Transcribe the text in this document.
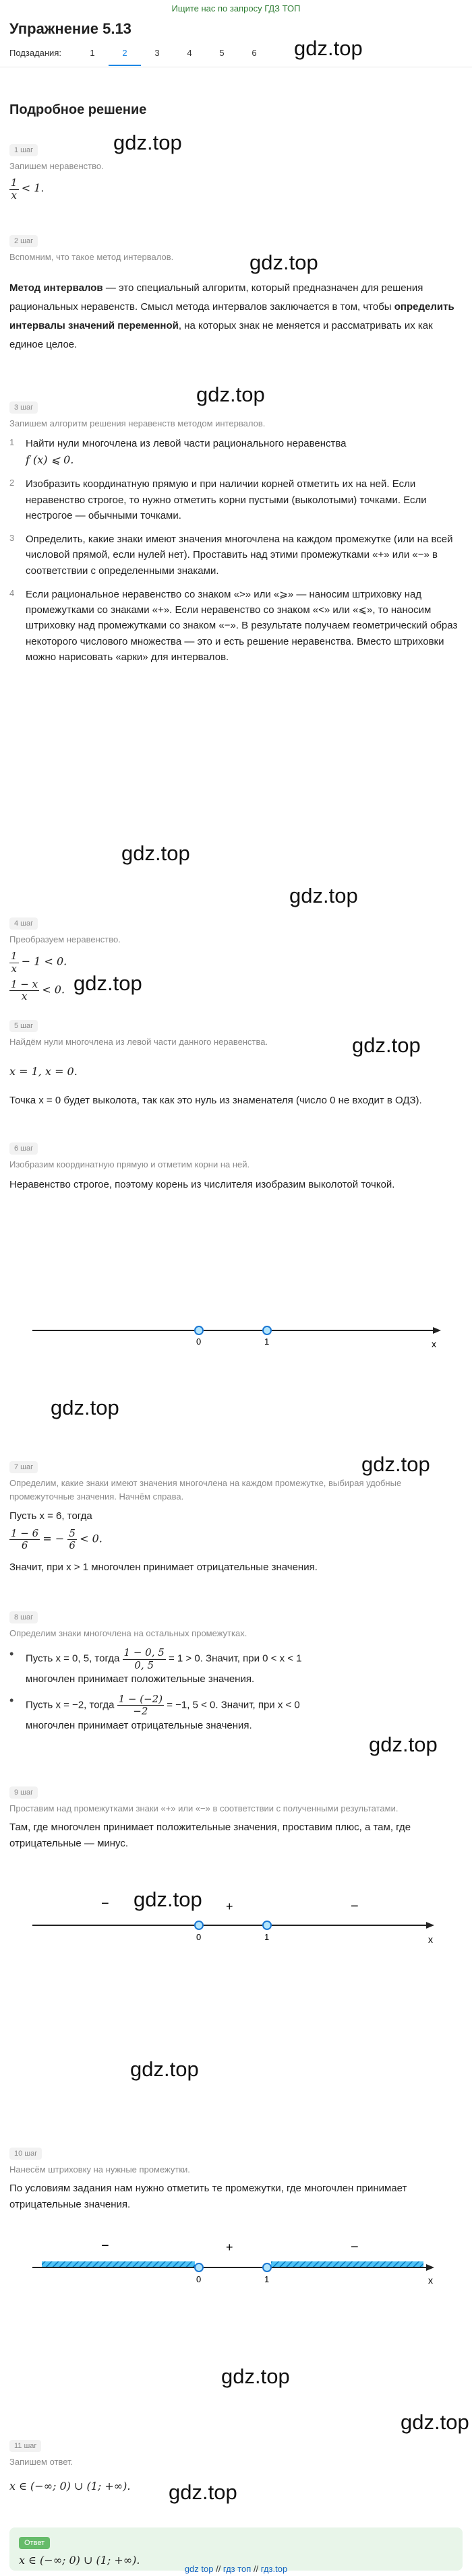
Ищите нас по запросу ГДЗ ТОП
Упражнение 5.13
Подзадания:	1	2	3	4	5	6	gdz.top
gdz.top
gdz.top
gdz.top
gdz.top
gdz.top
gdz.top
gdz.top
gdz.top
gdz.top
gdz.top
gdz.top
gdz.top
gdz.top
gdz.top
gdz.top
Подробное решение
1 шаг
Запишем неравенство.
$\frac{1}{x} < 1$.
2 шаг
Вспомним, что такое метод интервалов.
Метод интервалов — это специальный алгоритм, который предназначен для решения рациональных неравенств. Смысл метода интервалов заключается в том, чтобы определить интервалы значений переменной, на которых знак не меняется и рассматривать их как единое целое.
3 шаг
Запишем алгоритм решения неравенств методом интервалов.
1	Найти нули многочлена из левой части рационального неравенства
f (x) ⩽ 0.
2	Изобразить координатную прямую и при наличии корней отметить их на ней. Если неравенство строгое, то нужно отметить корни пустыми (выколотыми) точками. Если нестрогое — обычными точками.
3	Определить, какие знаки имеют значения многочлена на каждом промежутке (или на всей числовой прямой, если нулей нет). Проставить над этими промежутками «+» или «−» в соответствии с определенными знаками.
4	Если рациональное неравенство со знаком «>» или «⩾» — наносим штриховку над промежутками со знаками «+». Если неравенство со знаком «<» или «⩽», то наносим штриховку над промежутками со знаком «−». В результате получаем геометрический образ некоторого числового множества — это и есть решение неравенства. Вместо штриховки можно нарисовать «арки» для интервалов.
4 шаг
Преобразуем неравенство.
$\frac{1}{x} - 1 < 0$.
$\frac{1 - x}{x} < 0$.
5 шаг
Найдём нули многочлена из левой части данного неравенства.
x = 1, x = 0.
Точка x = 0 будет выколота, так как это нуль из знаменателя (число 0 не входит в ОДЗ).
6 шаг
Изобразим координатную прямую и отметим корни на ней.
Неравенство строгое, поэтому корень из числителя изобразим выколотой точкой.
0	1	x
7 шаг
Определим, какие знаки имеют значения многочлена на каждом промежутке, выбирая удобные промежуточные значения. Начнём справа.
Пусть x = 6, тогда
$\frac{1 - 6}{6}$ = − $\frac{5}{6} < 0$.
Значит, при x > 1 многочлен принимает отрицательные значения.
8 шаг
Определим знаки многочлена на остальных промежутках.
•	Пусть x = 0, 5, тогда $\frac{1 - 0, 5}{0, 5} = 1 > 0$. Значит, при 0 < x < 1
многочлен принимает положительные значения.
•	Пусть x = −2, тогда $\frac{1 - (-2)}{-2} = -1$, 5 < 0. Значит, при x < 0
многочлен принимает отрицательные значения.
9 шаг
Проставим над промежутками знаки «+» или «−» в соответствии с полученными результатами.
Там, где многочлен принимает положительные значения, проставим плюс, а там, где отрицательные — минус.
−	+	−
0	1	x
10 шаг
Нанесём штриховку на нужные промежутки.
По условиям задания нам нужно отметить те промежутки, где многочлен принимает отрицательные значения.
−	+	−
0	1	x
11 шаг
Запишем ответ.
x ∈ (−∞; 0) ∪ (1; +∞).
Ответ
x ∈ (−∞; 0) ∪ (1; +∞).
gdz top // гдз топ // гдз.top
